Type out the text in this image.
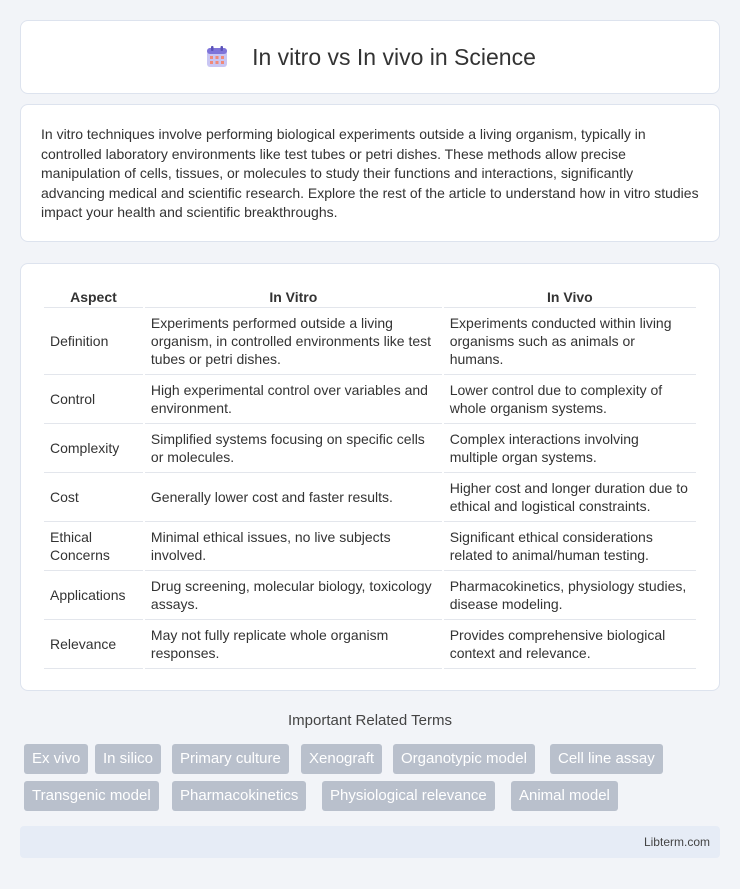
In vitro vs In vivo in Science

In vitro techniques involve performing biological experiments outside a living organism, typically in controlled laboratory environments like test tubes or petri dishes. These methods allow precise manipulation of cells, tissues, or molecules to study their functions and interactions, significantly advancing medical and scientific research. Explore the rest of the article to understand how in vitro studies impact your health and scientific breakthroughs.

Aspect	In Vitro	In Vivo
Definition	Experiments performed outside a living organism, in controlled environments like test tubes or petri dishes.	Experiments conducted within living organisms such as animals or humans.
Control	High experimental control over variables and environment.	Lower control due to complexity of whole organism systems.
Complexity	Simplified systems focusing on specific cells or molecules.	Complex interactions involving multiple organ systems.
Cost	Generally lower cost and faster results.	Higher cost and longer duration due to ethical and logistical constraints.
Ethical Concerns	Minimal ethical issues, no live subjects involved.	Significant ethical considerations related to animal/human testing.
Applications	Drug screening, molecular biology, toxicology assays.	Pharmacokinetics, physiology studies, disease modeling.
Relevance	May not fully replicate whole organism responses.	Provides comprehensive biological context and relevance.
Important Related Terms
Ex vivo	In silico	Primary culture	Xenograft	Organotypic model	Cell line assay
Transgenic model	Pharmacokinetics	Physiological relevance	Animal model
Libterm.com
